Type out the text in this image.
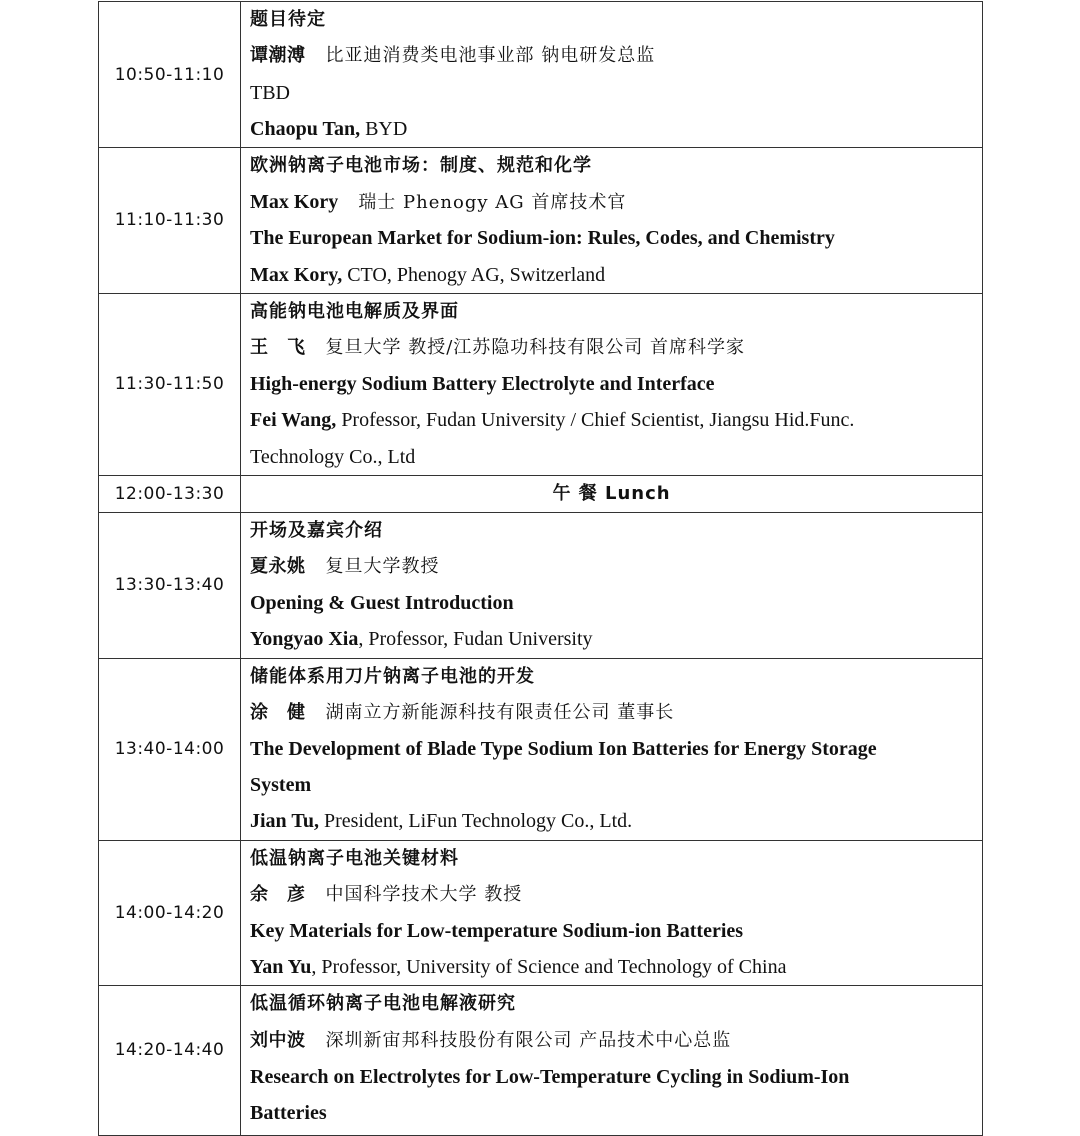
10:50-11:10	题目待定
谭潮溥 比亚迪消费类电池事业部 钠电研发总监
TBD
Chaopu Tan, BYD

11:10-11:30	欧洲钠离子电池市场：制度、规范和化学
Max Kory 瑞士 Phenogy AG 首席技术官
The European Market for Sodium-ion: Rules, Codes, and Chemistry
Max Kory, CTO, Phenogy AG, Switzerland

11:30-11:50	高能钠电池电解质及界面
王　飞 复旦大学 教授/江苏隐功科技有限公司 首席科学家
High-energy Sodium Battery Electrolyte and Interface
Fei Wang, Professor, Fudan University / Chief Scientist, Jiangsu Hid.Func.
Technology Co., Ltd

12:00-13:30	午 餐 Lunch

13:30-13:40	开场及嘉宾介绍
夏永姚 复旦大学教授
Opening & Guest Introduction
Yongyao Xia, Professor, Fudan University

13:40-14:00	储能体系用刀片钠离子电池的开发
涂　健 湖南立方新能源科技有限责任公司 董事长
The Development of Blade Type Sodium Ion Batteries for Energy Storage
System
Jian Tu, President, LiFun Technology Co., Ltd.

14:00-14:20	低温钠离子电池关键材料
余　彦 中国科学技术大学 教授
Key Materials for Low-temperature Sodium-ion Batteries
Yan Yu, Professor, University of Science and Technology of China

14:20-14:40	低温循环钠离子电池电解液研究
刘中波 深圳新宙邦科技股份有限公司 产品技术中心总监
Research on Electrolytes for Low-Temperature Cycling in Sodium-Ion
Batteries
